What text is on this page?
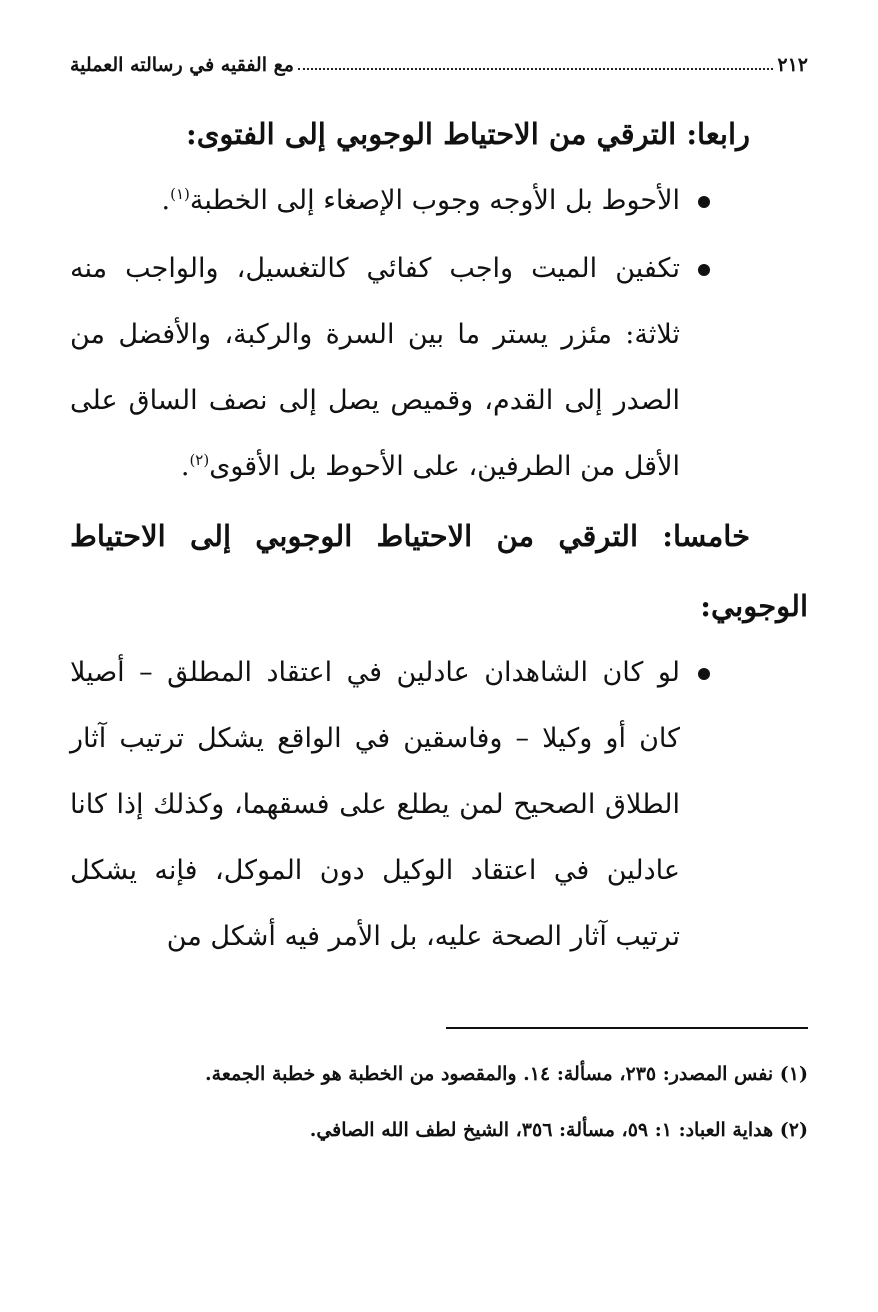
٢١٢
مع الفقيه في رسالته العملية
رابعا: الترقي من الاحتياط الوجوبي إلى الفتوى:

الأحوط بل الأوجه وجوب الإصغاء إلى الخطبة$^{(١)}$.

تكفين الميت واجب كفائي كالتغسيل، والواجب منه ثلاثة: مئزر يستر ما بين السرة والركبة، والأفضل من الصدر إلى القدم، وقميص يصل إلى نصف الساق على الأقل من الطرفين، على الأحوط بل الأقوى$^{(٢)}$.

خامسا: الترقي من الاحتياط الوجوبي إلى الاحتياط
الوجوبي:

لو كان الشاهدان عادلين في اعتقاد المطلق – أصيلا كان أو وكيلا – وفاسقين في الواقع يشكل ترتيب آثار الطلاق الصحيح لمن يطلع على فسقهما، وكذلك إذا كانا عادلين في اعتقاد الوكيل دون الموكل، فإنه يشكل ترتيب آثار الصحة عليه، بل الأمر فيه أشكل من

(١) نفس المصدر: ٢٣٥، مسألة: ١٤. والمقصود من الخطبة هو خطبة الجمعة.

(٢) هداية العباد: ١: ٥٩، مسألة: ٣٥٦، الشيخ لطف الله الصافي.
